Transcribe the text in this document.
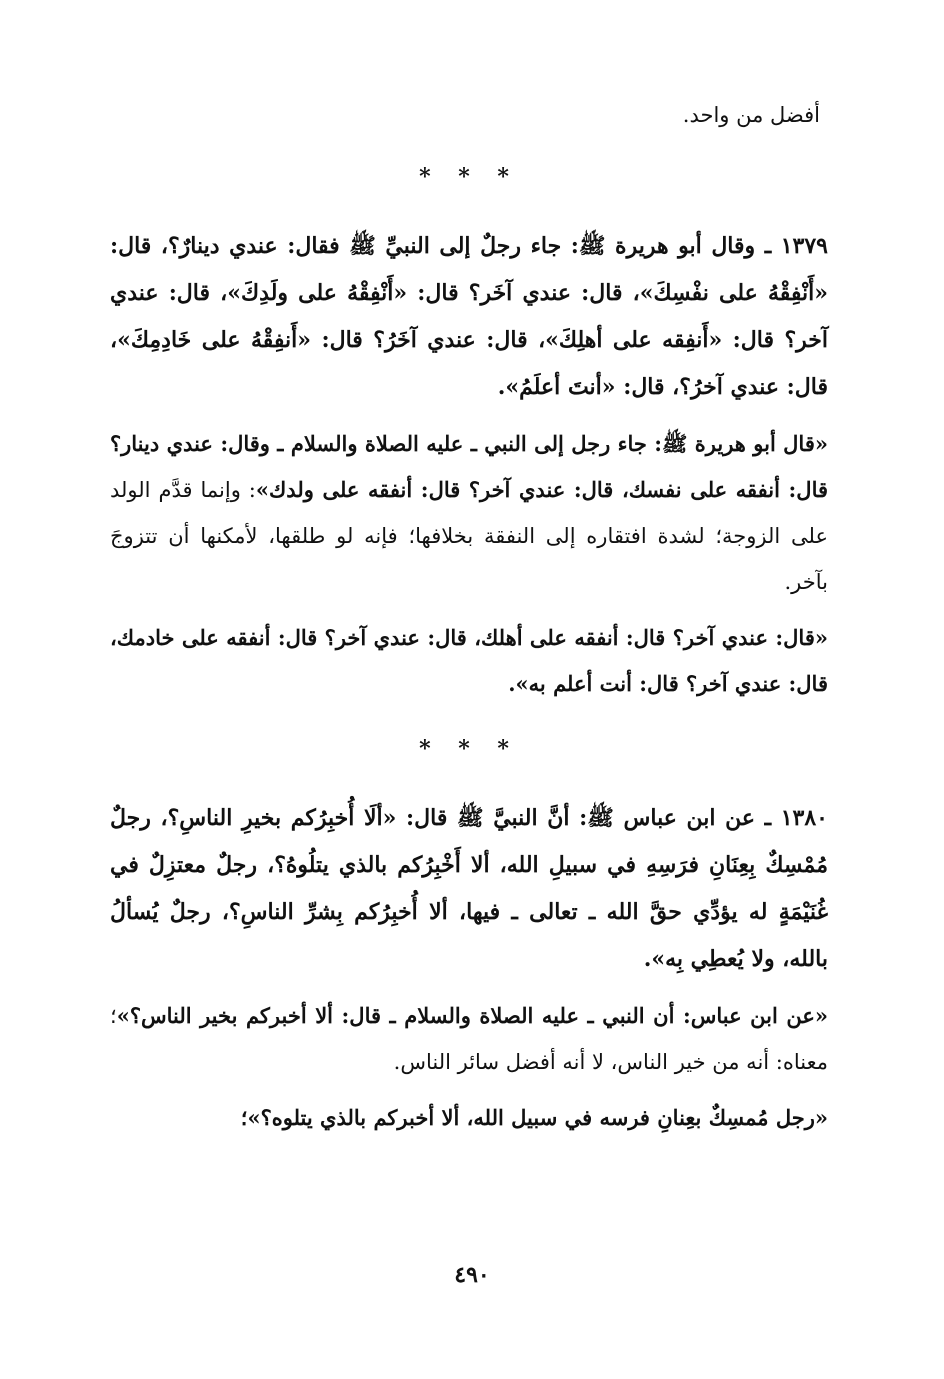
أفضل من واحد.

* * *

١٣٧٩ ـ وقال أبو هريرة ﷺ: جاء رجلٌ إلى النبيِّ ﷺ فقال: عندي دينارٌ؟، قال: «أَنْفِقْهُ على نفْسِكَ»، قال: عندي آخَر؟ قال: «أَنْفِقْهُ على ولَدِكَ»، قال: عندي آخر؟ قال: «أَنفِقه على أهلِكَ»، قال: عندي آخَرُ؟ قال: «أَنفِقْهُ على خَادِمِكَ»، قال: عندي آخرُ؟، قال: «أنتَ أعلَمُ».

«قال أبو هريرة ﷺ: جاء رجل إلى النبي ـ عليه الصلاة والسلام ـ وقال: عندي دينار؟ قال: أنفقه على نفسك، قال: عندي آخر؟ قال: أنفقه على ولدك»: وإنما قدَّم الولد على الزوجة؛ لشدة افتقاره إلى النفقة بخلافها؛ فإنه لو طلقها، لأمكنها أن تتزوجَ بآخر.

«قال: عندي آخر؟ قال: أنفقه على أهلك، قال: عندي آخر؟ قال: أنفقه على خادمك، قال: عندي آخر؟ قال: أنت أعلم به».

* * *

١٣٨٠ ـ عن ابن عباس ﷺ: أنَّ النبيَّ ﷺ قال: «ألَا أُخبِرُكم بخيرِ الناسِ؟، رجلٌ مُمْسِكٌ بِعِنَانِ فرَسِهِ في سبيلِ الله، ألا أَخْبِرُكم بالذي يتلُوهُ؟، رجلٌ معتزِلٌ في غُنَيْمَةٍ له يؤدِّي حقَّ الله ـ تعالى ـ فيها، ألا أُخبِرُكم بِشرِّ الناسِ؟، رجلٌ يُسألُ بالله، ولا يُعطِي بِه».

«عن ابن عباس: أن النبي ـ عليه الصلاة والسلام ـ قال: ألا أخبركم بخير الناس؟»؛ معناه: أنه من خير الناس، لا أنه أفضل سائر الناس.

«رجل مُمسِكٌ بعِنانِ فرسه في سبيل الله، ألا أخبركم بالذي يتلوه؟»؛

٤٩٠
